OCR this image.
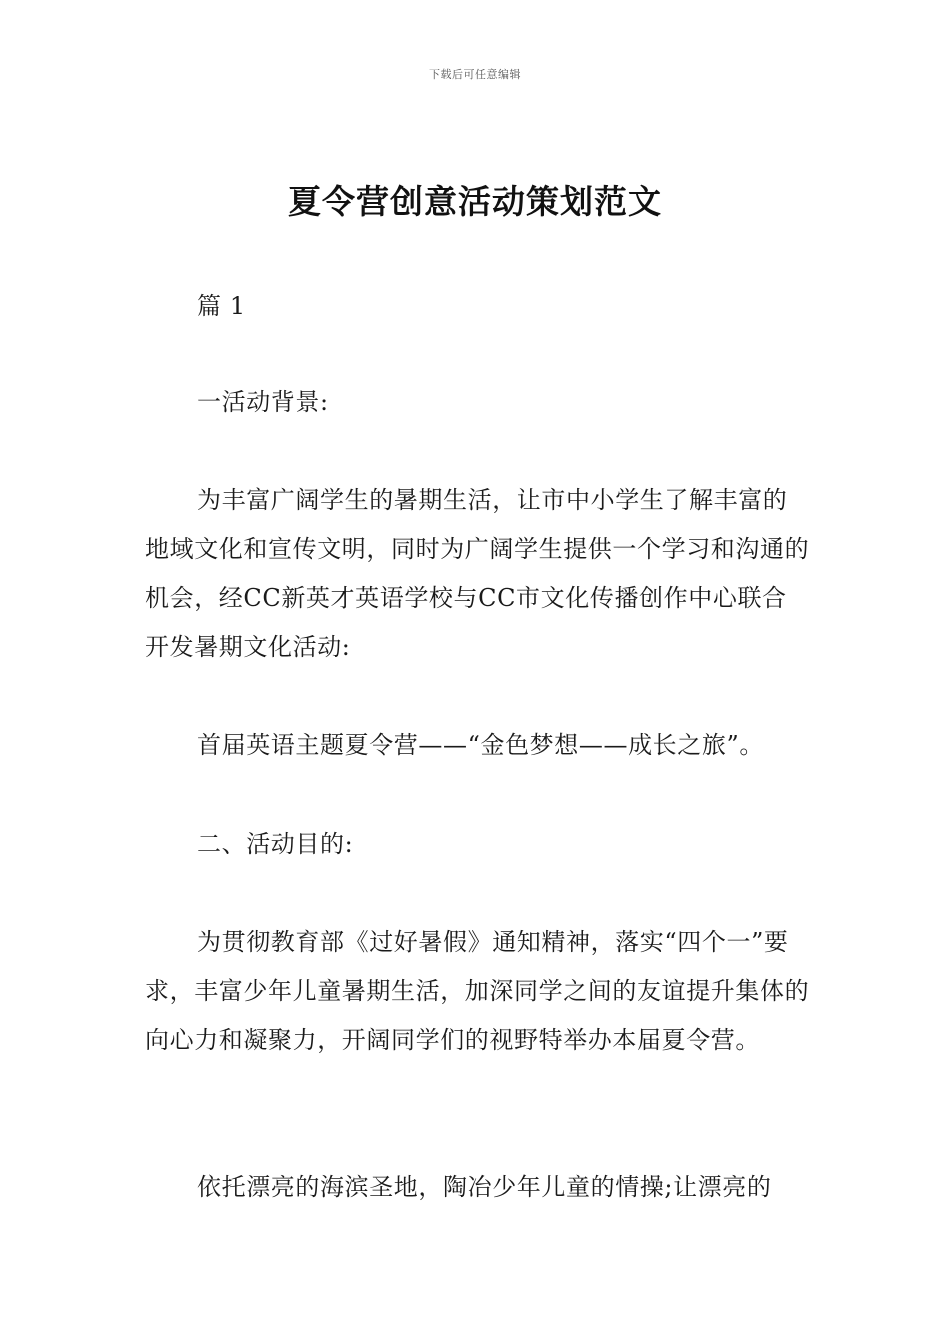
下载后可任意编辑
夏令营创意活动策划范文

篇 1

一活动背景:

为丰富广阔学生的暑期生活，让市中小学生了解丰富的地域文化和宣传文明，同时为广阔学生提供一个学习和沟通的机会，经CC新英才英语学校与CC市文化传播创作中心联合开发暑期文化活动:

首届英语主题夏令营——“金色梦想——成长之旅”。

二、活动目的:

为贯彻教育部《过好暑假》通知精神，落实“四个一”要求，丰富少年儿童暑期生活，加深同学之间的友谊提升集体的向心力和凝聚力，开阔同学们的视野特举办本届夏令营。

依托漂亮的海滨圣地，陶冶少年儿童的情操;让漂亮的
